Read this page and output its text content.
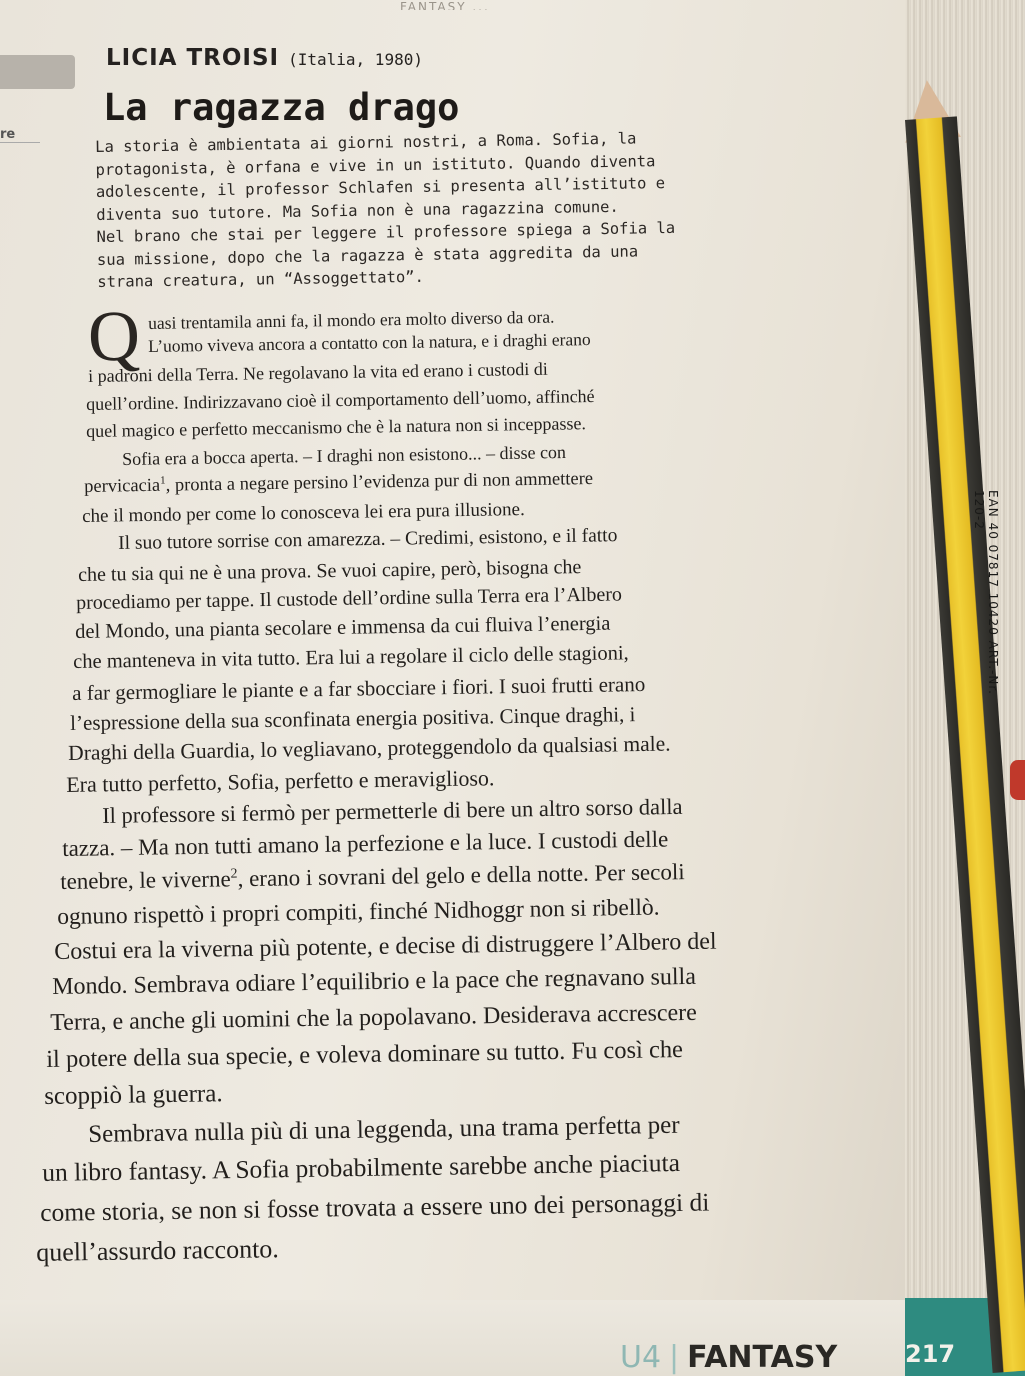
FANTASY ...
re
LICIA TROISI (Italia, 1980)
La ragazza drago
La storia è ambientata ai giorni nostri, a Roma. Sofia, la
protagonista, è orfana e vive in un istituto. Quando diventa
adolescente, il professor Schlafen si presenta all’istituto e
diventa suo tutore. Ma Sofia non è una ragazzina comune.
Nel brano che stai per leggere il professore spiega a Sofia la
sua missione, dopo che la ragazza è stata aggredita da una
strana creatura, un “Assoggettato”.
Q uasi trentamila anni fa, il mondo era molto diverso da ora.
L’uomo viveva ancora a contatto con la natura, e i draghi erano
i padroni della Terra. Ne regolavano la vita ed erano i custodi di
quell’ordine. Indirizzavano cioè il comportamento dell’uomo, affinché
quel magico e perfetto meccanismo che è la natura non si inceppasse.
Sofia era a bocca aperta. – I draghi non esistono... – disse con
pervicacia$^1$, pronta a negare persino l’evidenza pur di non ammettere
che il mondo per come lo conosceva lei era pura illusione.
Il suo tutore sorrise con amarezza. – Credimi, esistono, e il fatto
che tu sia qui ne è una prova. Se vuoi capire, però, bisogna che
procediamo per tappe. Il custode dell’ordine sulla Terra era l’Albero
del Mondo, una pianta secolare e immensa da cui fluiva l’energia
che manteneva in vita tutto. Era lui a regolare il ciclo delle stagioni,
a far germogliare le piante e a far sbocciare i fiori. I suoi frutti erano
l’espressione della sua sconfinata energia positiva. Cinque draghi, i
Draghi della Guardia, lo vegliavano, proteggendolo da qualsiasi male.
Era tutto perfetto, Sofia, perfetto e meraviglioso.
Il professore si fermò per permetterle di bere un altro sorso dalla
tazza. – Ma non tutti amano la perfezione e la luce. I custodi delle
tenebre, le viverne$^2$, erano i sovrani del gelo e della notte. Per secoli
ognuno rispettò i propri compiti, finché Nidhoggr non si ribellò.
Costui era la viverna più potente, e decise di distruggere l’Albero del
Mondo. Sembrava odiare l’equilibrio e la pace che regnavano sulla
Terra, e anche gli uomini che la popolavano. Desiderava accrescere
il potere della sua specie, e voleva dominare su tutto. Fu così che
scoppiò la guerra.
Sembrava nulla più di una leggenda, una trama perfetta per
un libro fantasy. A Sofia probabilmente sarebbe anche piaciuta
come storia, se non si fosse trovata a essere uno dei personaggi di
quell’assurdo racconto.
U4 | FANTASY
EAN 40 07817 10420 ART.-Nr. 120-2
217
